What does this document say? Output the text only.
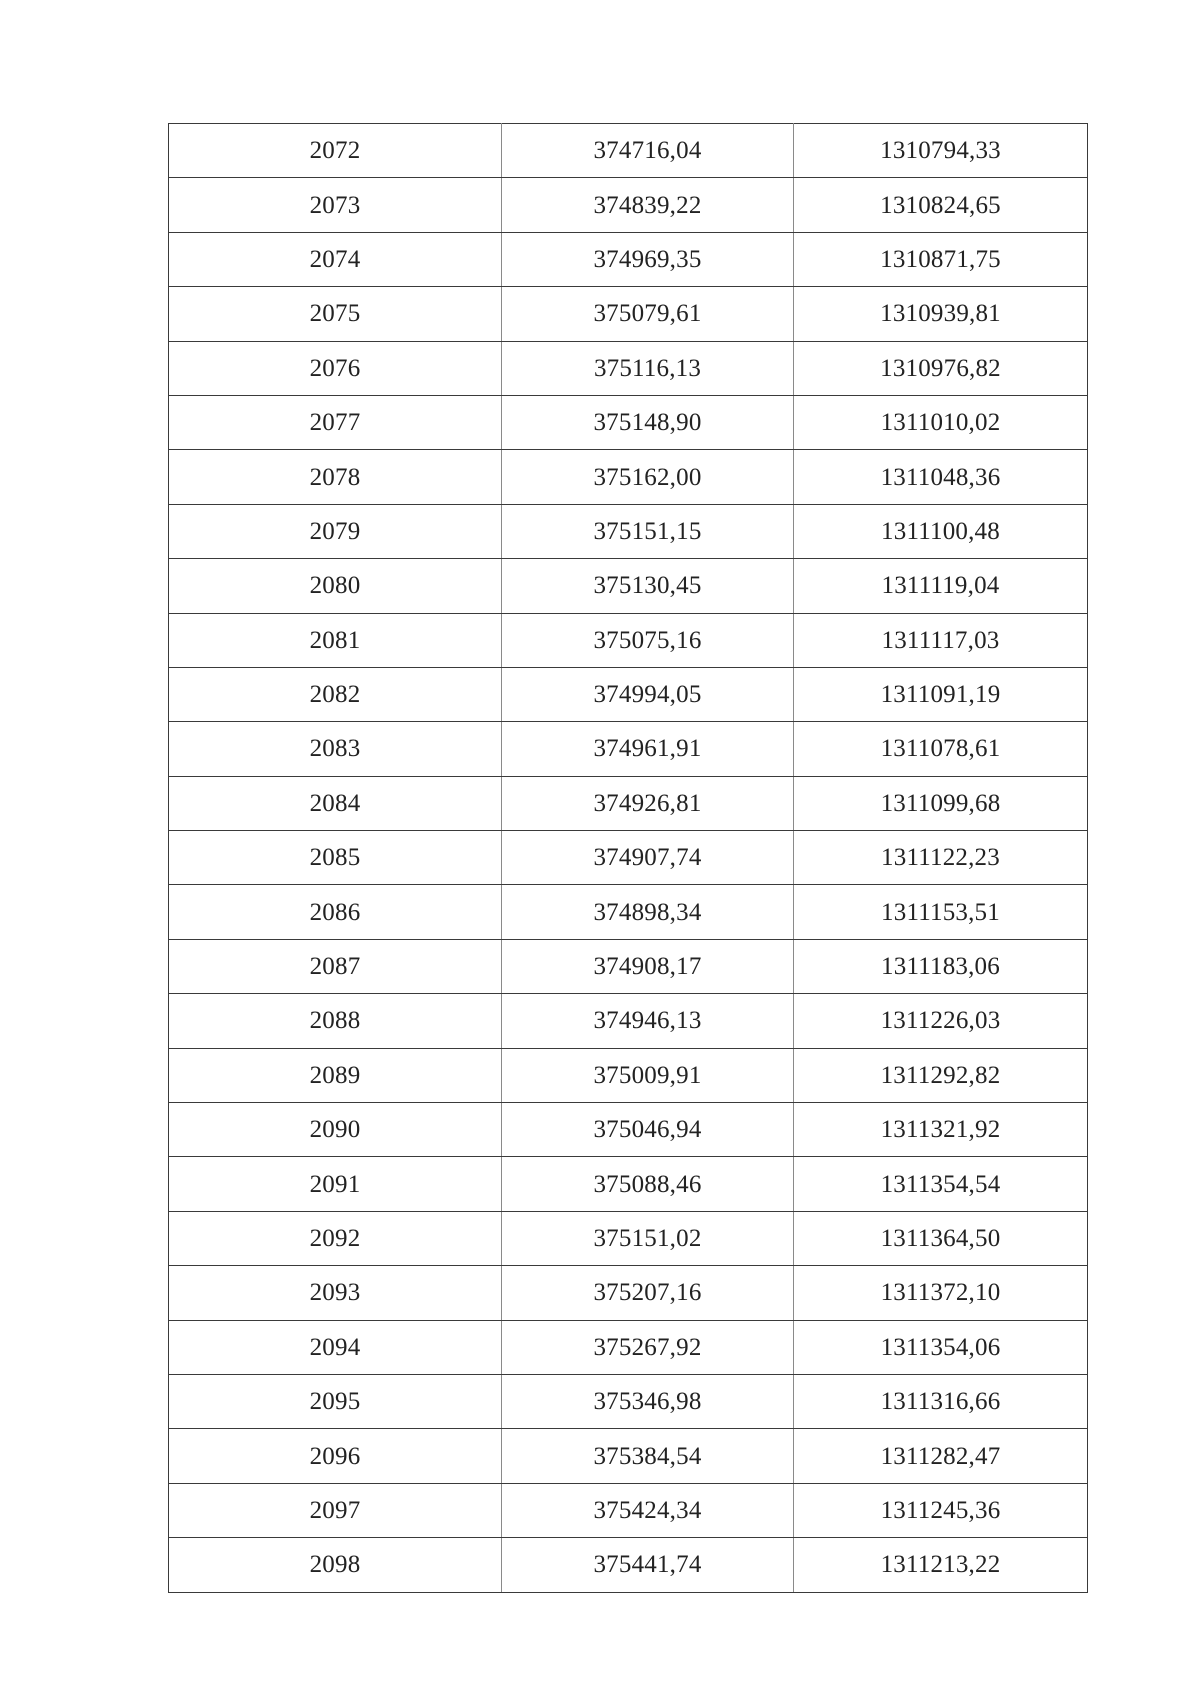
2072	374716,04	1310794,33
2073	374839,22	1310824,65
2074	374969,35	1310871,75
2075	375079,61	1310939,81
2076	375116,13	1310976,82
2077	375148,90	1311010,02
2078	375162,00	1311048,36
2079	375151,15	1311100,48
2080	375130,45	1311119,04
2081	375075,16	1311117,03
2082	374994,05	1311091,19
2083	374961,91	1311078,61
2084	374926,81	1311099,68
2085	374907,74	1311122,23
2086	374898,34	1311153,51
2087	374908,17	1311183,06
2088	374946,13	1311226,03
2089	375009,91	1311292,82
2090	375046,94	1311321,92
2091	375088,46	1311354,54
2092	375151,02	1311364,50
2093	375207,16	1311372,10
2094	375267,92	1311354,06
2095	375346,98	1311316,66
2096	375384,54	1311282,47
2097	375424,34	1311245,36
2098	375441,74	1311213,22
